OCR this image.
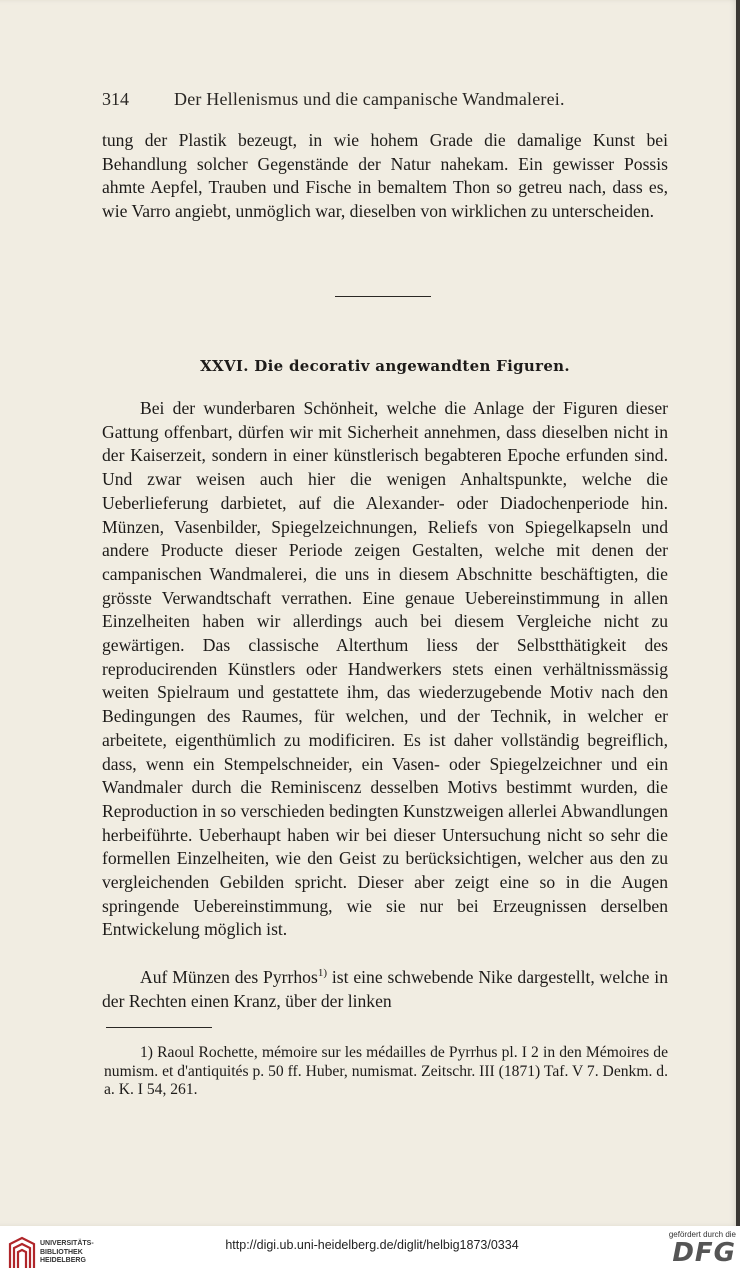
314	Der Hellenismus und die campanische Wandmalerei.

tung der Plastik bezeugt, in wie hohem Grade die damalige Kunst bei Behandlung solcher Gegenstände der Natur nahekam. Ein gewisser Possis ahmte Aepfel, Trauben und Fische in bemaltem Thon so getreu nach, dass es, wie Varro angiebt, unmöglich war, dieselben von wirklichen zu unterscheiden.

XXVI. Die decorativ angewandten Figuren.

Bei der wunderbaren Schönheit, welche die Anlage der Figuren dieser Gattung offenbart, dürfen wir mit Sicherheit annehmen, dass dieselben nicht in der Kaiserzeit, sondern in einer künstlerisch begabteren Epoche erfunden sind. Und zwar weisen auch hier die wenigen Anhaltspunkte, welche die Ueberlieferung darbietet, auf die Alexander- oder Diadochenperiode hin. Münzen, Vasenbilder, Spiegelzeichnungen, Reliefs von Spiegelkapseln und andere Producte dieser Periode zeigen Gestalten, welche mit denen der campanischen Wandmalerei, die uns in diesem Abschnitte beschäftigten, die grösste Verwandtschaft verrathen. Eine genaue Uebereinstimmung in allen Einzelheiten haben wir allerdings auch bei diesem Vergleiche nicht zu gewärtigen. Das classische Alterthum liess der Selbstthätigkeit des reproducirenden Künstlers oder Handwerkers stets einen verhältnissmässig weiten Spielraum und gestattete ihm, das wiederzugebende Motiv nach den Bedingungen des Raumes, für welchen, und der Technik, in welcher er arbeitete, eigenthümlich zu modificiren. Es ist daher vollständig begreiflich, dass, wenn ein Stempelschneider, ein Vasen- oder Spiegelzeichner und ein Wandmaler durch die Reminiscenz desselben Motivs bestimmt wurden, die Reproduction in so verschieden bedingten Kunstzweigen allerlei Abwandlungen herbeiführte. Ueberhaupt haben wir bei dieser Untersuchung nicht so sehr die formellen Einzelheiten, wie den Geist zu berücksichtigen, welcher aus den zu vergleichenden Gebilden spricht. Dieser aber zeigt eine so in die Augen springende Uebereinstimmung, wie sie nur bei Erzeugnissen derselben Entwickelung möglich ist.

Auf Münzen des Pyrrhos$^{1)}$ ist eine schwebende Nike dargestellt, welche in der Rechten einen Kranz, über der linken

1) Raoul Rochette, mémoire sur les médailles de Pyrrhus pl. I 2 in den Mémoires de numism. et d'antiquités p. 50 ff. Huber, numismat. Zeitschr. III (1871) Taf. V 7. Denkm. d. a. K. I 54, 261.

UNIVERSITÄTS-
BIBLIOTHEK
HEIDELBERG
http://digi.ub.uni-heidelberg.de/diglit/helbig1873/0334
gefördert durch die
DFG
